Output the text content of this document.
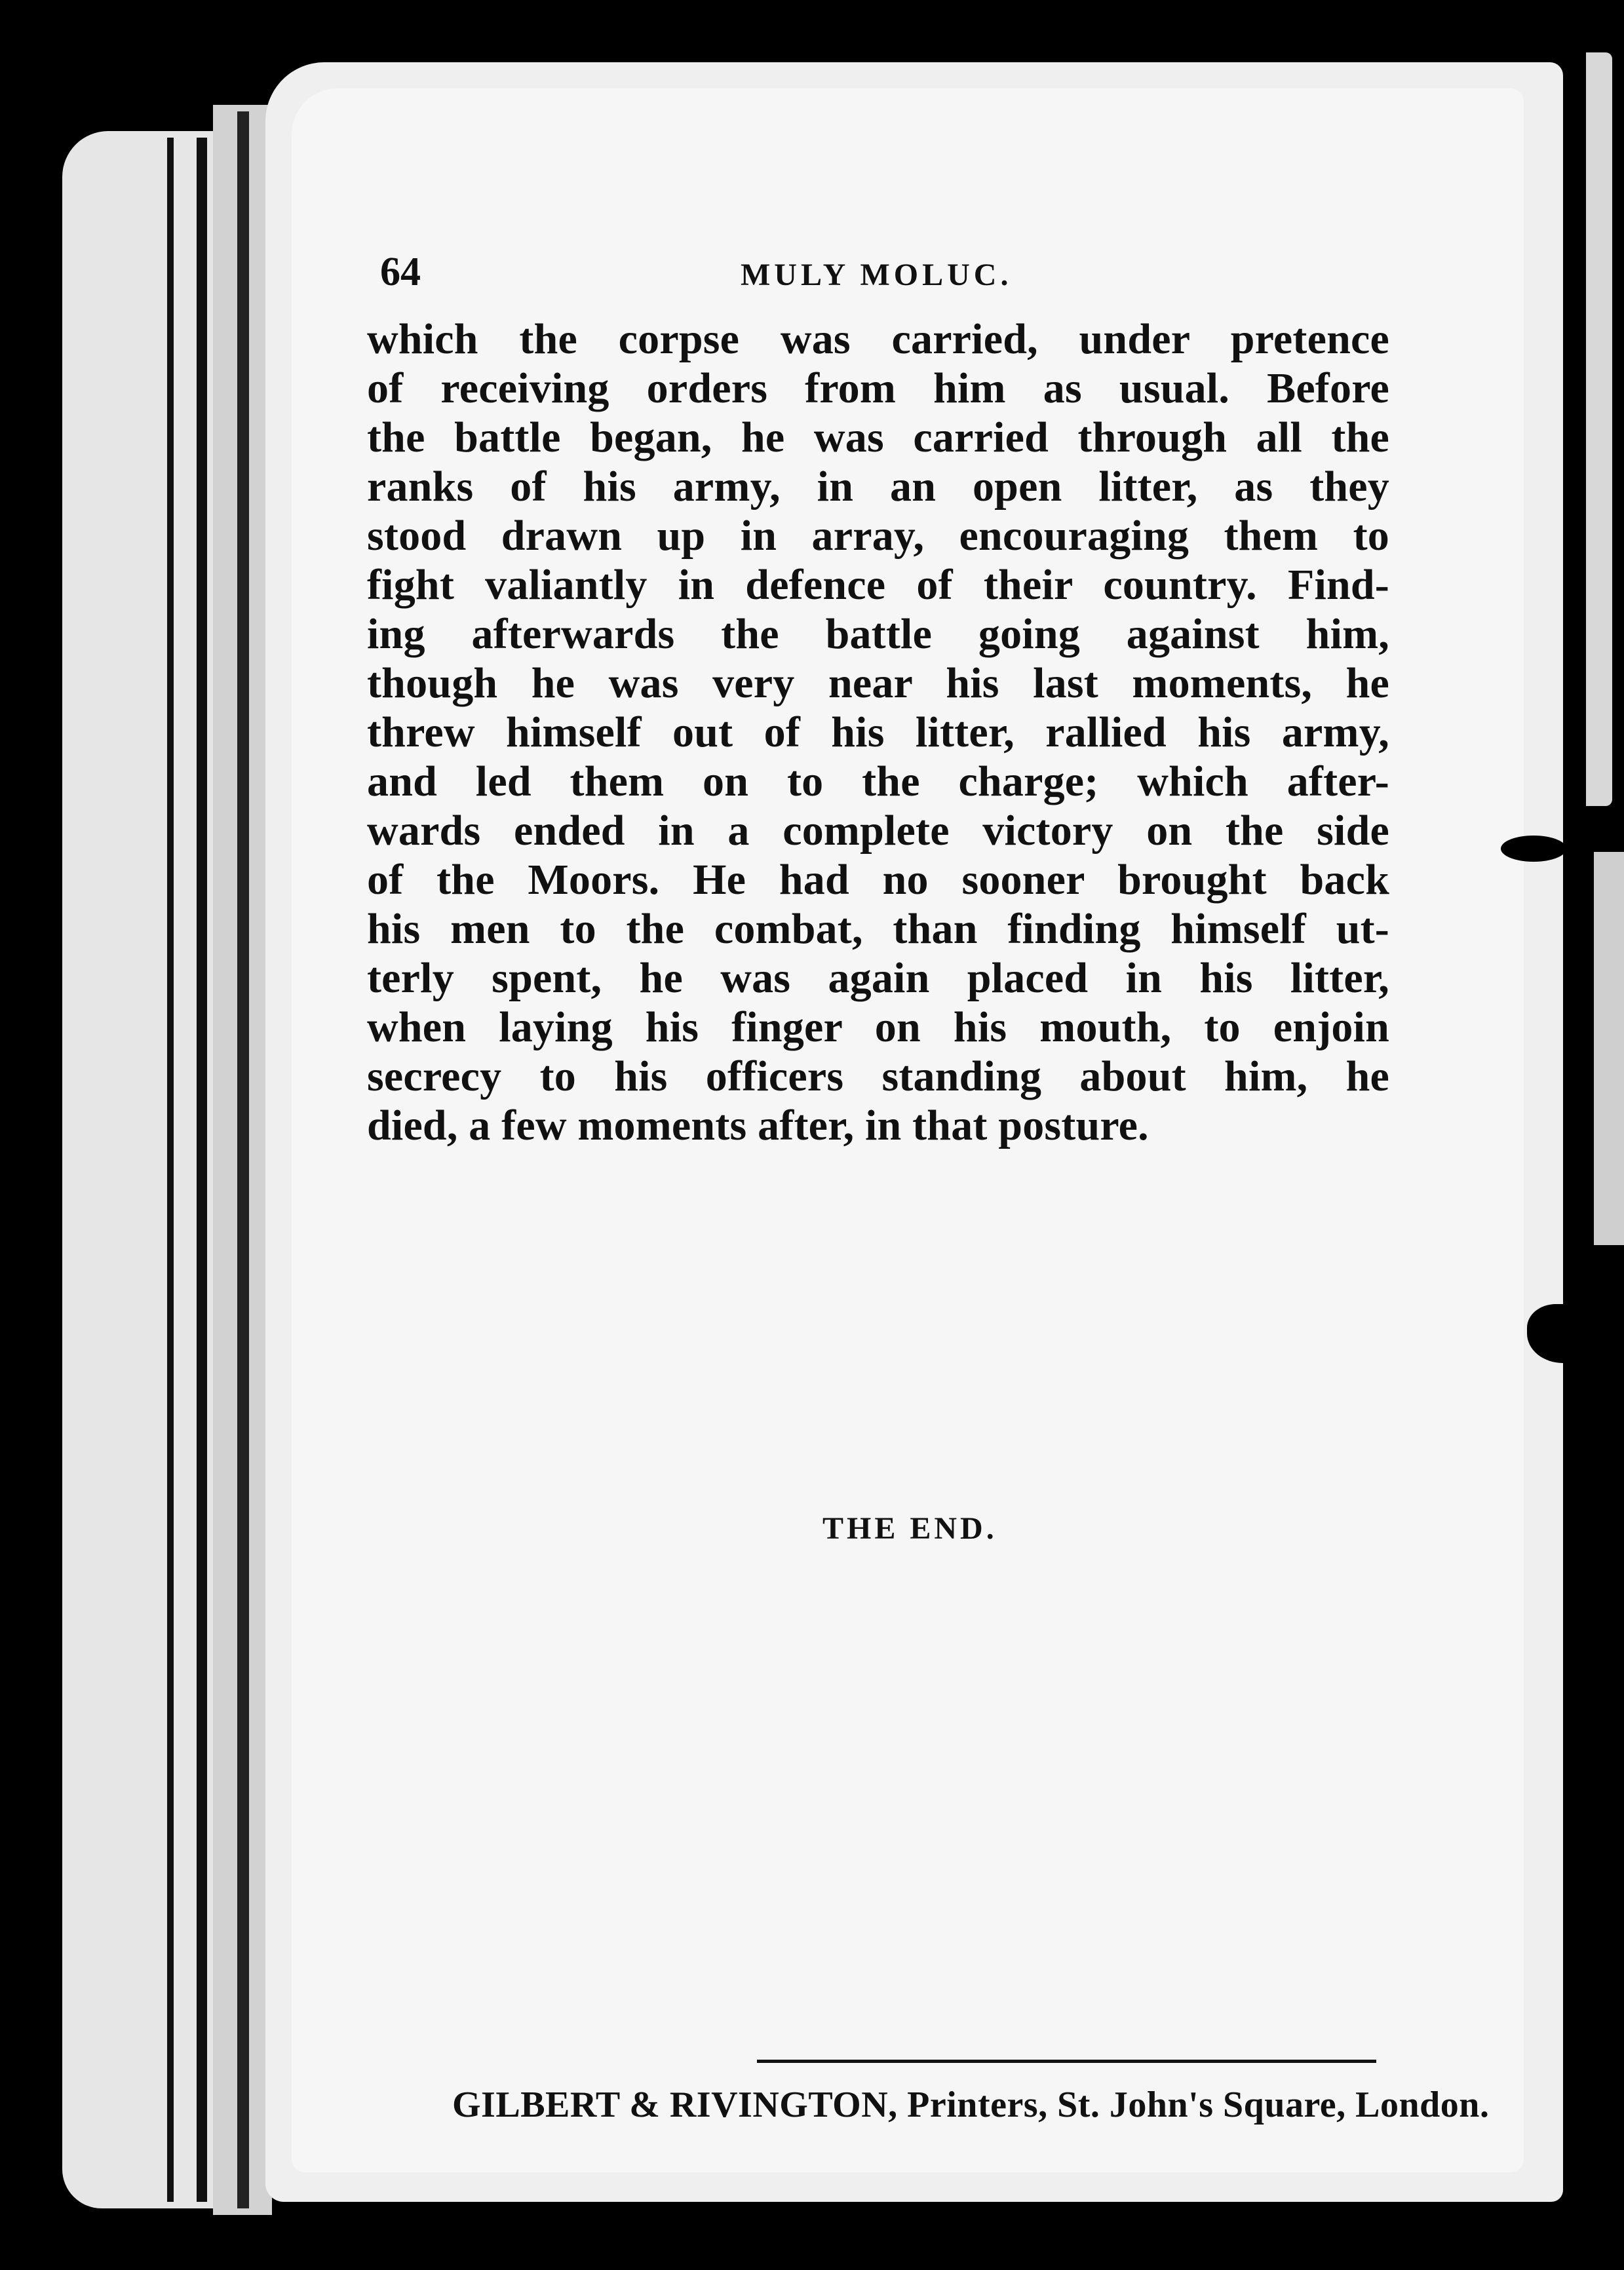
64	MULY MOLUC.
which the corpse was carried, under pretence
of receiving orders from him as usual. Before
the battle began, he was carried through all the
ranks of his army, in an open litter, as they
stood drawn up in array, encouraging them to
fight valiantly in defence of their country. Find-
ing afterwards the battle going against him,
though he was very near his last moments, he
threw himself out of his litter, rallied his army,
and led them on to the charge; which after-
wards ended in a complete victory on the side
of the Moors. He had no sooner brought back
his men to the combat, than finding himself ut-
terly spent, he was again placed in his litter,
when laying his finger on his mouth, to enjoin
secrecy to his officers standing about him, he
died, a few moments after, in that posture.
THE END.
GILBERT & RIVINGTON, Printers, St. John's Square, London.
